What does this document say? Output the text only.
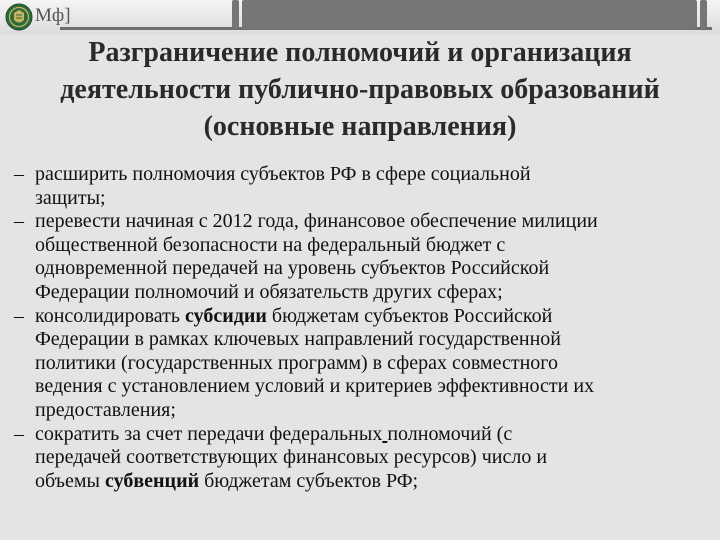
Мф]
Разграничение полномочий и организация
деятельности публично-правовых образований
(основные направления)
– расширить полномочия субъектов РФ в сфере социальной
защиты;
– перевести начиная с 2012 года, финансовое обеспечение милиции
общественной безопасности на федеральный бюджет с
одновременной передачей на уровень субъектов Российской
Федерации полномочий и обязательств других сферах;
– консолидировать субсидии бюджетам субъектов Российской
Федерации в рамках ключевых направлений государственной
политики (государственных программ) в сферах совместного
ведения с установлением условий и критериев эффективности их
предоставления;
– сократить за счет передачи федеральных полномочий (с
передачей соответствующих финансовых ресурсов) число и
объемы субвенций бюджетам субъектов РФ;
